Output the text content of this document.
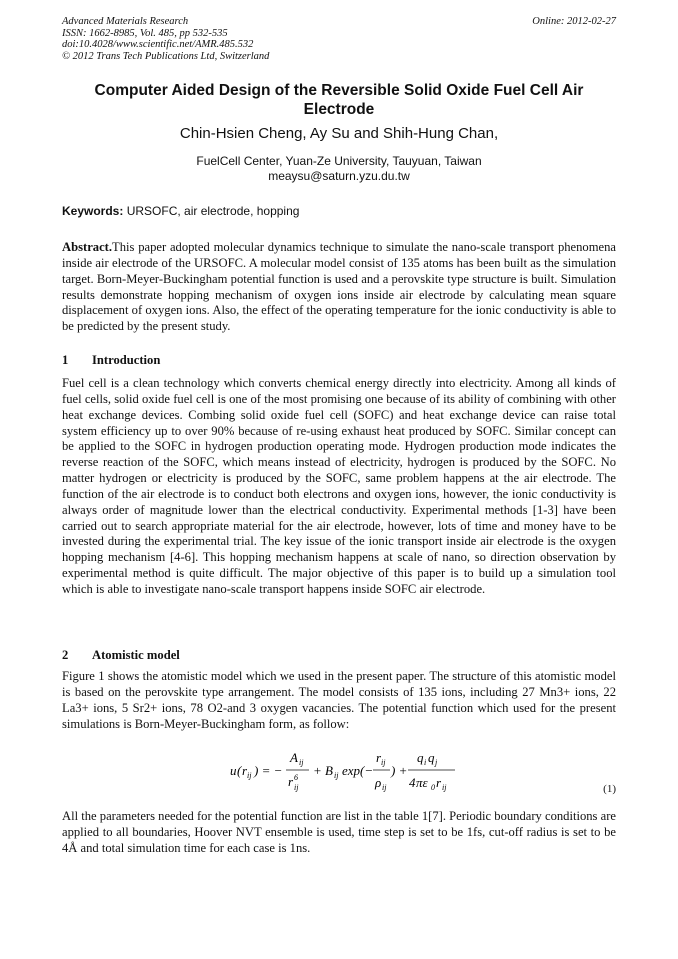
Advanced Materials Research
ISSN: 1662-8985, Vol. 485, pp 532-535
doi:10.4028/www.scientific.net/AMR.485.532
© 2012 Trans Tech Publications Ltd, Switzerland
Online: 2012-02-27
Computer Aided Design of the Reversible Solid Oxide Fuel Cell Air Electrode
Chin-Hsien Cheng, Ay Su and Shih-Hung Chan,
FuelCell Center, Yuan-Ze University, Tauyuan, Taiwan
meaysu@saturn.yzu.du.tw
Keywords: URSOFC, air electrode, hopping
Abstract.This paper adopted molecular dynamics technique to simulate the nano-scale transport phenomena inside air electrode of the URSOFC. A molecular model consist of 135 atoms has been built as the simulation target. Born-Meyer-Buckingham potential function is used and a perovskite type structure is built. Simulation results demonstrate hopping mechanism of oxygen ions inside air electrode by calculating mean square displacement of oxygen ions. Also, the effect of the operating temperature for the ionic conductivity is able to be predicted by the present study.
1 Introduction
Fuel cell is a clean technology which converts chemical energy directly into electricity. Among all kinds of fuel cells, solid oxide fuel cell is one of the most promising one because of its ability of combining with other heat exchange devices. Combing solid oxide fuel cell (SOFC) and heat exchange device can raise total system efficiency up to over 90% because of re-using exhaust heat produced by SOFC. Similar concept can be applied to the SOFC in hydrogen production operating mode. Hydrogen production mode indicates the reverse reaction of the SOFC, which means instead of electricity, hydrogen is produced by the SOFC. No matter hydrogen or electricity is produced by the SOFC, same problem happens at the air electrode. The function of the air electrode is to conduct both electrons and oxygen ions, however, the ionic conductivity is always order of magnitude lower than the electrical conductivity. Experimental methods [1-3] have been carried out to search appropriate material for the air electrode, however, lots of time and money have to be invested during the experimental trial. The key issue of the ionic transport inside air electrode is the oxygen hopping mechanism [4-6]. This hopping mechanism happens at scale of nano, so direction observation by experimental method is quite difficult. The major objective of this paper is to build up a simulation tool which is able to investigate nano-scale transport happens inside SOFC air electrode.
2 Atomistic model
Figure 1 shows the atomistic model which we used in the present paper. The structure of this atomistic model is based on the perovskite type arrangement. The model consists of 135 ions, including 27 Mn3+ ions, 22 La3+ ions, 5 Sr2+ ions, 78 O2-and 3 oxygen vacancies. The potential function which used for the present simulations is Born-Meyer-Buckingham form, as follow:
u ( r ij ) = −
A ij
r 6
ij
+ B ij exp(−
r ij
ρ ij
) +
q i q j
4 πε 0 r ij	(1)
All the parameters needed for the potential function are list in the table 1[7]. Periodic boundary conditions are applied to all boundaries, Hoover NVT ensemble is used, time step is set to be 1fs, cut-off radius is set to be 4Å and total simulation time for each case is 1ns.
